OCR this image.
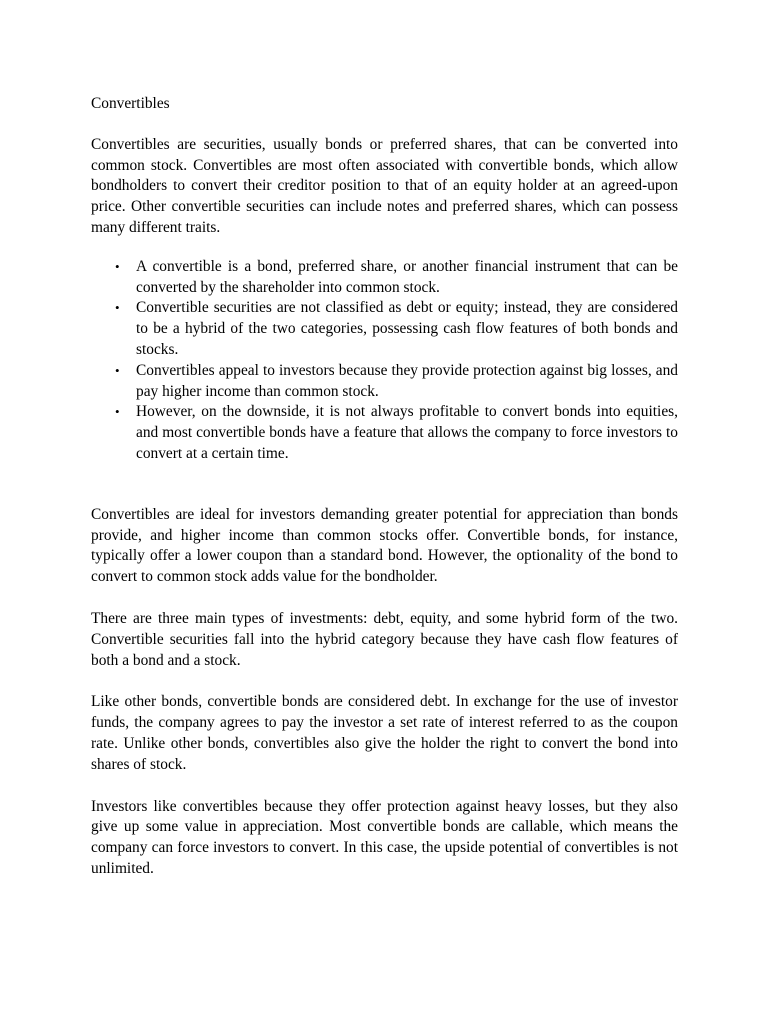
Convertibles

Convertibles are securities, usually bonds or preferred shares, that can be converted into common stock. Convertibles are most often associated with convertible bonds, which allow bondholders to convert their creditor position to that of an equity holder at an agreed-upon price. Other convertible securities can include notes and preferred shares, which can possess many different traits.

• A convertible is a bond, preferred share, or another financial instrument that can be converted by the shareholder into common stock.
• Convertible securities are not classified as debt or equity; instead, they are considered to be a hybrid of the two categories, possessing cash flow features of both bonds and stocks.
• Convertibles appeal to investors because they provide protection against big losses, and pay higher income than common stock.
• However, on the downside, it is not always profitable to convert bonds into equities, and most convertible bonds have a feature that allows the company to force investors to convert at a certain time.

Convertibles are ideal for investors demanding greater potential for appreciation than bonds provide, and higher income than common stocks offer. Convertible bonds, for instance, typically offer a lower coupon than a standard bond. However, the optionality of the bond to convert to common stock adds value for the bondholder.

There are three main types of investments: debt, equity, and some hybrid form of the two. Convertible securities fall into the hybrid category because they have cash flow features of both a bond and a stock.

Like other bonds, convertible bonds are considered debt. In exchange for the use of investor funds, the company agrees to pay the investor a set rate of interest referred to as the coupon rate. Unlike other bonds, convertibles also give the holder the right to convert the bond into shares of stock.

Investors like convertibles because they offer protection against heavy losses, but they also give up some value in appreciation. Most convertible bonds are callable, which means the company can force investors to convert. In this case, the upside potential of convertibles is not unlimited.
